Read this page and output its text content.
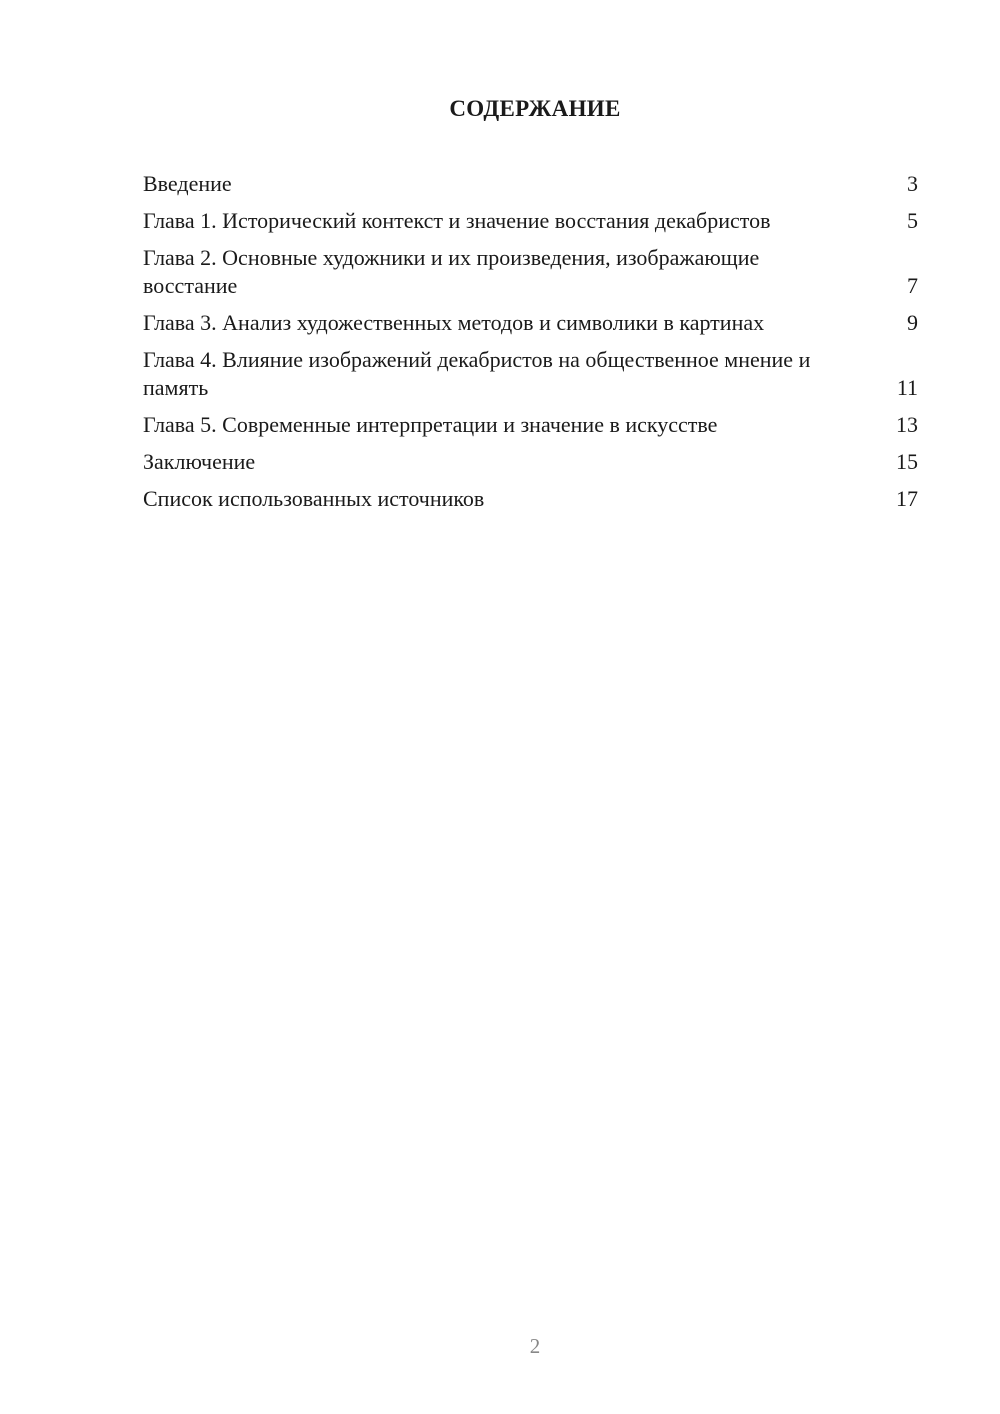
СОДЕРЖАНИЕ
Введение	3
Глава 1. Исторический контекст и значение восстания декабристов	5
Глава 2. Основные художники и их произведения, изображающие восстание	7
Глава 3. Анализ художественных методов и символики в картинах	9
Глава 4. Влияние изображений декабристов на общественное мнение и память	11
Глава 5. Современные интерпретации и значение в искусстве	13
Заключение	15
Список использованных источников	17
2
